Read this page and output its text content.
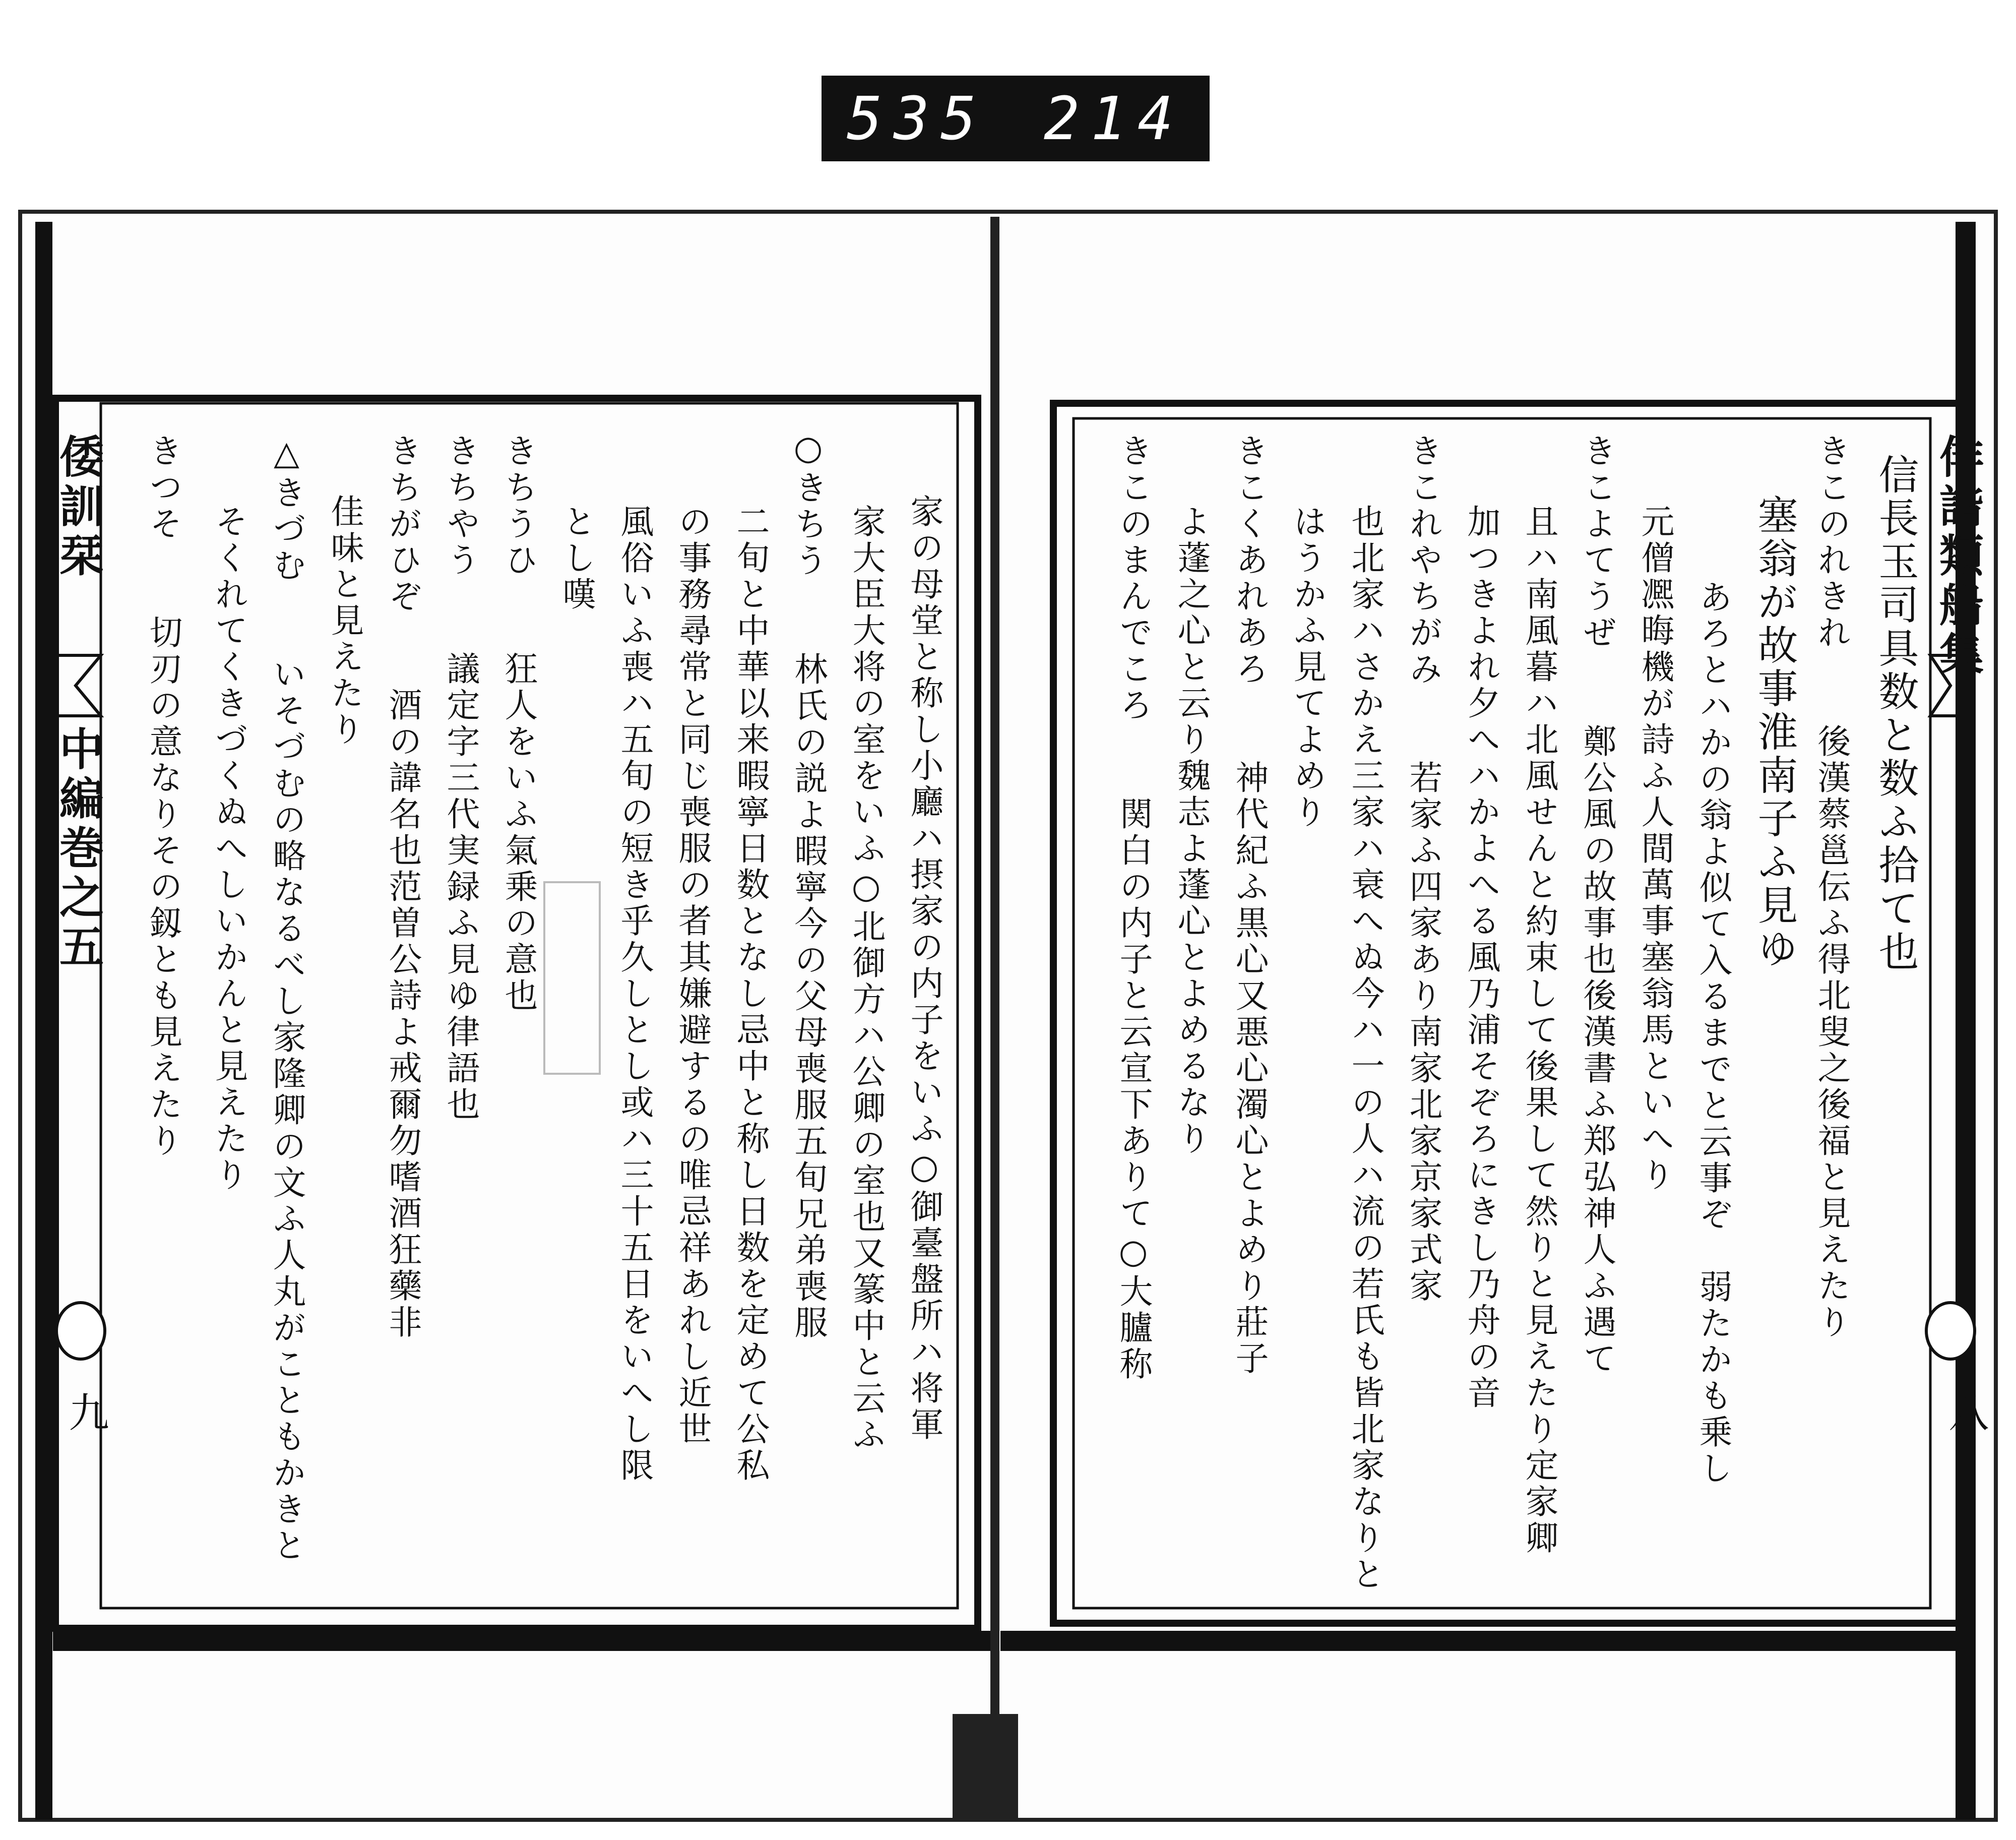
535 214
俳諧類船集
八
信長玉司具数と数ふ拾て也
きこのれきれ　　後漢蔡邕伝ふ得北叟之後福と見えたり
塞翁が故事淮南子ふ見ゆ
あろとハかの翁よ似て入るまでと云事ぞ　弱たかも乗し
元僧凞晦機が詩ふ人間萬事塞翁馬といへり
きこよてうぜ　　鄭公風の故事也後漢書ふ郑弘神人ふ遇て
且ハ南風暮ハ北風せんと約束して後果して然りと見えたり定家卿
加つきよれ夕へハかよへる風乃浦そぞろにきし乃舟の音
きこれやちがみ　　若家ふ四家あり南家北家京家式家
也北家ハさかえ三家ハ衰へぬ今ハ一の人ハ流の若氏も皆北家なりと
はうかふ見てよめり
きこくあれあろ　　神代紀ふ黒心又悪心濁心とよめり莊子
よ蓬之心と云り魏志よ蓬心とよめるなり
きこのまんでころ　　関白の内子と云宣下ありて○大臚称
倭訓栞
中編巻之五
九	家の母堂と称し小廳ハ摂家の内子をいふ○御臺盤所ハ将軍
家大臣大将の室をいふ○北御方ハ公卿の室也又篆中と云ふ
○きちう　　林氏の説よ暇寧今の父母喪服五旬兄弟喪服
二旬と中華以来暇寧日数となし忌中と称し日数を定めて公私
の事務尋常と同じ喪服の者其嫌避するの唯忌祥あれし近世
風俗いふ喪ハ五旬の短き乎久しとし或ハ三十五日をいへし限
とし嘆
きちうひ　　狂人をいふ氣乗の意也
きちやう　　議定字三代実録ふ見ゆ律語也
きちがひぞ　　酒の諱名也范曽公詩よ戒爾勿嗜酒狂藥非
佳味と見えたり
△きづむ　　いそづむの略なるべし家隆卿の文ふ人丸がこともかきと
そくれてくきづくぬへしいかんと見えたり
きつそ　　切刃の意なりその釼とも見えたり
